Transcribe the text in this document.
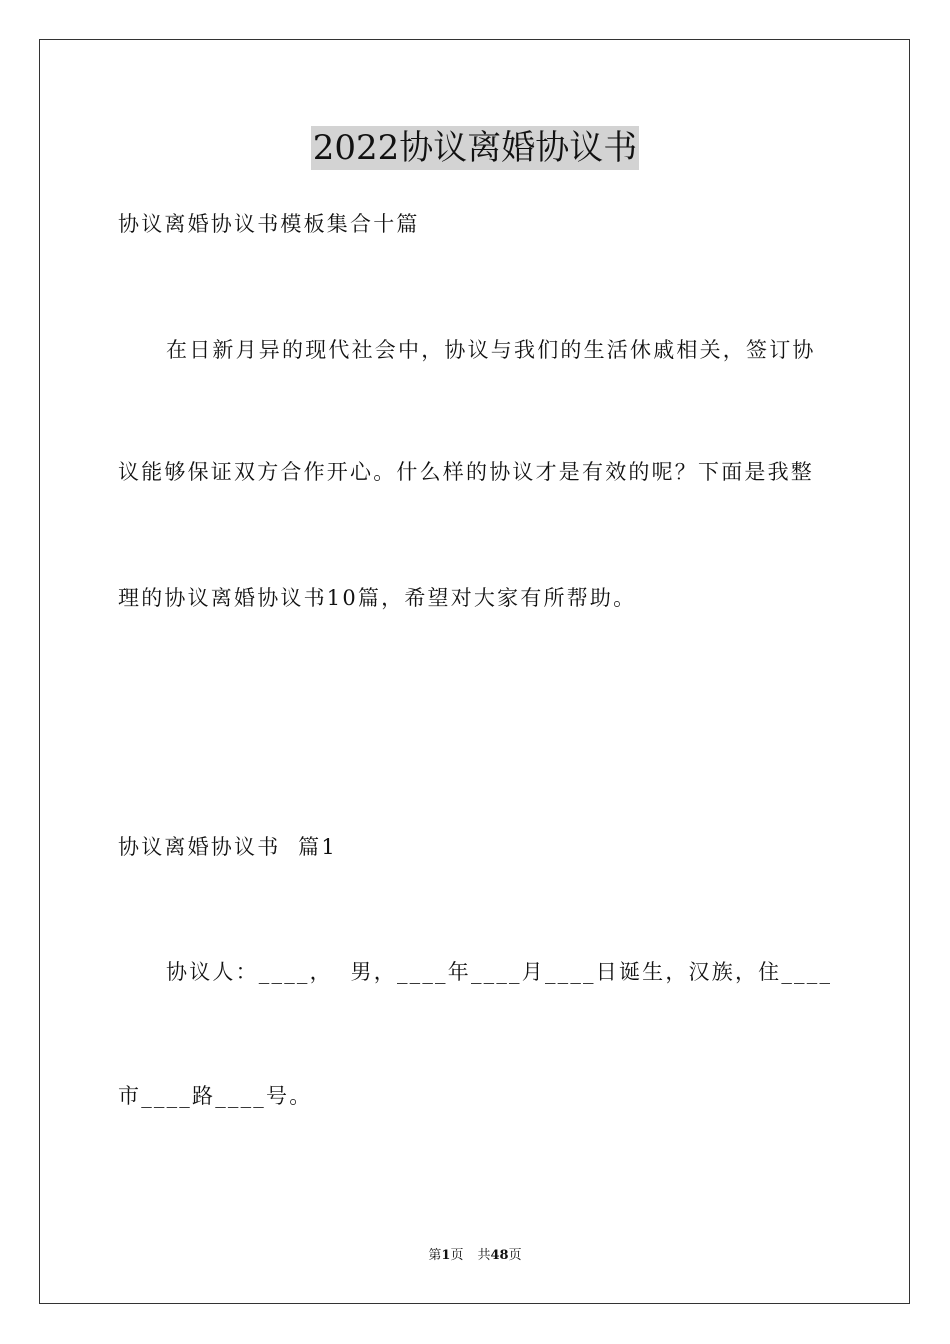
2022协议离婚协议书

协议离婚协议书模板集合十篇

在日新月异的现代社会中，协议与我们的生活休戚相关，签订协

议能够保证双方合作开心。什么样的协议才是有效的呢？下面是我整

理的协议离婚协议书10篇，希望对大家有所帮助。

协议离婚协议书  篇1

协议人：____，  男，____年____月____日诞生，汉族，住____

市____路____号。

第1页 共48页
